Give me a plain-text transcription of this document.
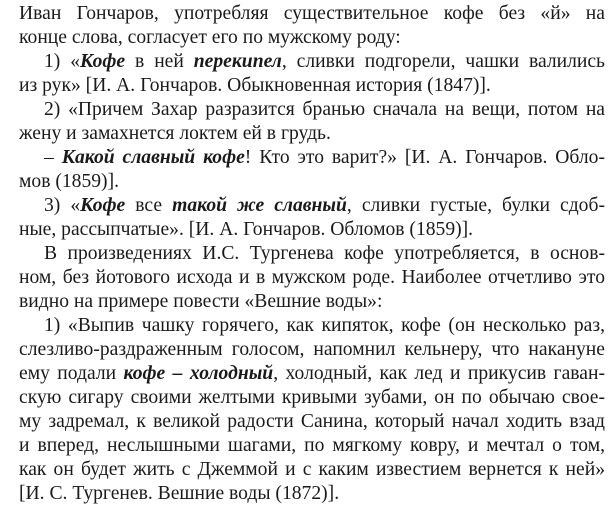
Иван Гончаров, употребляя существительное кофе без «й» на
конце слова, согласует его по мужскому роду:
1) «Кофе в ней перекипел, сливки подгорели, чашки валились
из рук» [И. А. Гончаров. Обыкновенная история (1847)].
2) «Причем Захар разразится бранью сначала на вещи, потом на
жену и замахнется локтем ей в грудь.
– Какой славный кофе! Кто это варит?» [И. А. Гончаров. Обло-
мов (1859)].
3) «Кофе все такой же славный, сливки густые, булки сдоб-
ные, рассыпчатые». [И. А. Гончаров. Обломов (1859)].
В произведениях И.С. Тургенева кофе употребляется, в основ-
ном, без йотового исхода и в мужском роде. Наиболее отчетливо это
видно на примере повести «Вешние воды»:
1) «Выпив чашку горячего, как кипяток, кофе (он несколько раз,
слезливо-раздраженным голосом, напомнил кельнеру, что накануне
ему подали кофе – холодный, холодный, как лед и прикусив гаван-
скую сигару своими желтыми кривыми зубами, он по обычаю свое-
му задремал, к великой радости Санина, который начал ходить взад
и вперед, неслышными шагами, по мягкому ковру, и мечтал о том,
как он будет жить с Джеммой и с каким известием вернется к ней»
[И. С. Тургенев. Вешние воды (1872)].
